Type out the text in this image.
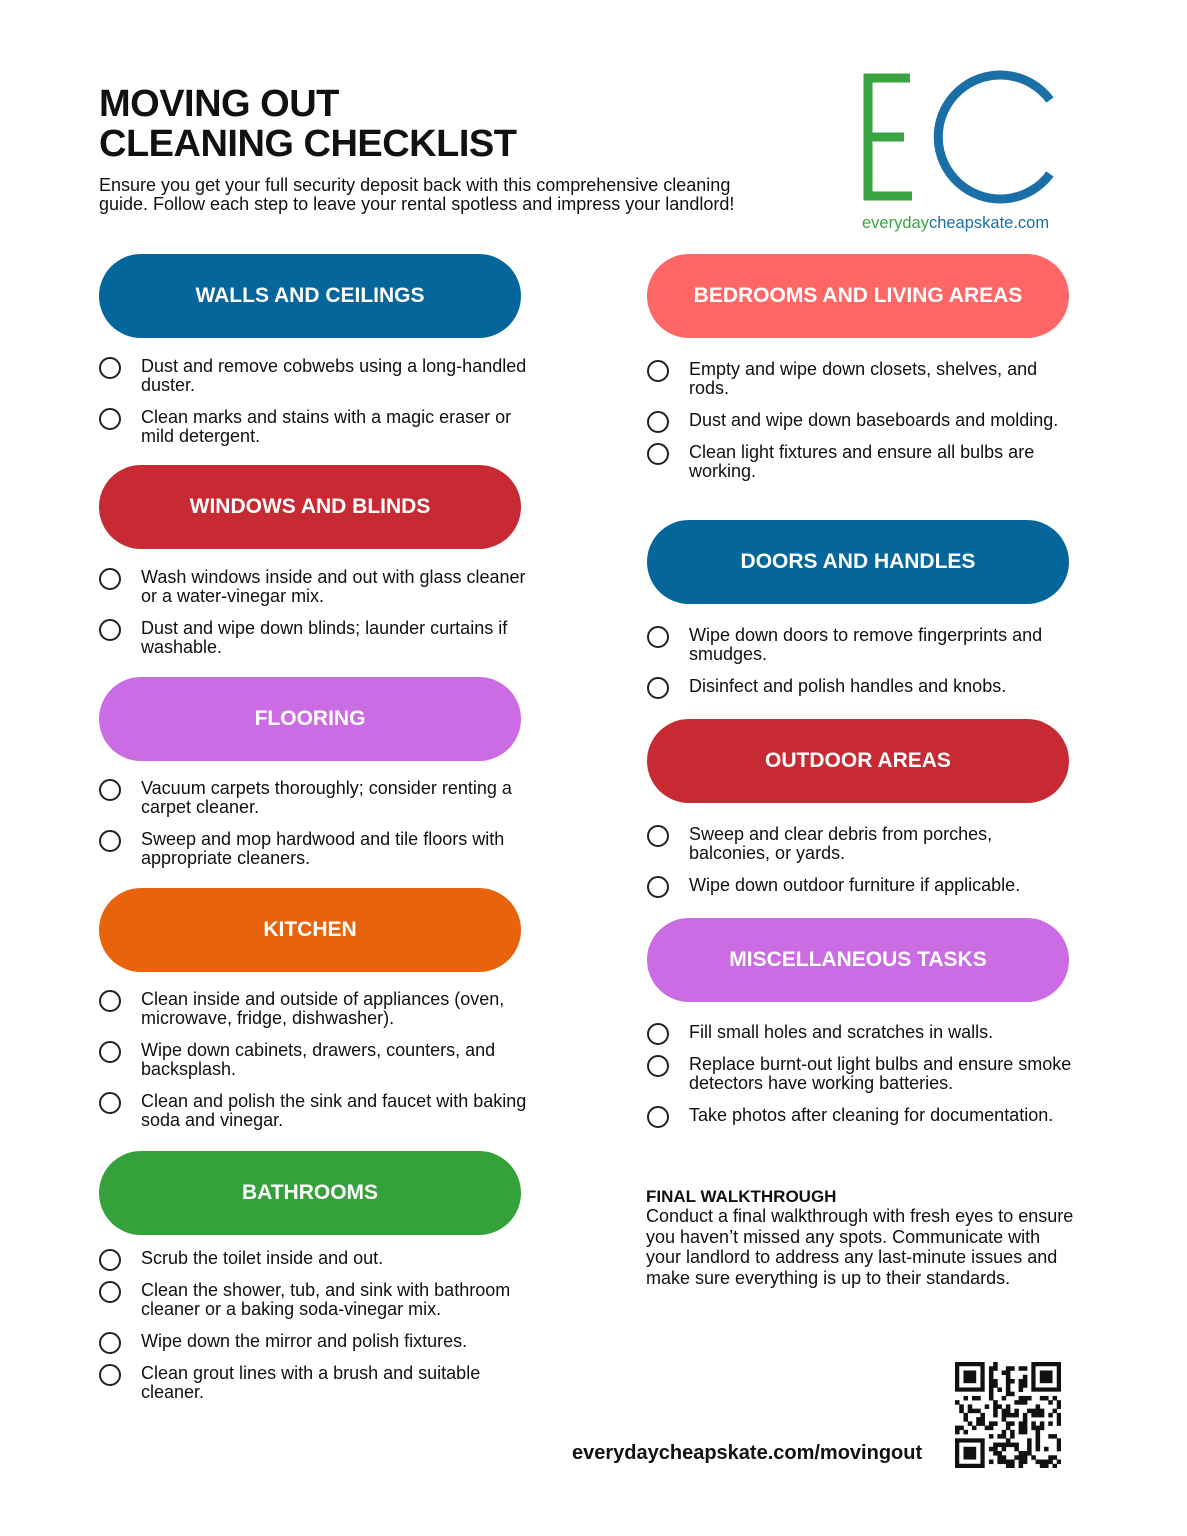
MOVING OUT
CLEANING CHECKLIST

Ensure you get your full security deposit back with this comprehensive cleaning guide. Follow each step to leave your rental spotless and impress your landlord!

everydaycheapskate.com
WALLS AND CEILINGS
Dust and remove cobwebs using a long-handled duster.
Clean marks and stains with a magic eraser or mild detergent.
WINDOWS AND BLINDS
Wash windows inside and out with glass cleaner or a water-vinegar mix.
Dust and wipe down blinds; launder curtains if washable.
FLOORING
Vacuum carpets thoroughly; consider renting a carpet cleaner.
Sweep and mop hardwood and tile floors with appropriate cleaners.
KITCHEN
Clean inside and outside of appliances (oven, microwave, fridge, dishwasher).
Wipe down cabinets, drawers, counters, and backsplash.
Clean and polish the sink and faucet with baking soda and vinegar.
BATHROOMS
Scrub the toilet inside and out.
Clean the shower, tub, and sink with bathroom cleaner or a baking soda-vinegar mix.
Wipe down the mirror and polish fixtures.
Clean grout lines with a brush and suitable cleaner.
BEDROOMS AND LIVING AREAS
Empty and wipe down closets, shelves, and rods.
Dust and wipe down baseboards and molding.
Clean light fixtures and ensure all bulbs are working.
DOORS AND HANDLES
Wipe down doors to remove fingerprints and smudges.
Disinfect and polish handles and knobs.
OUTDOOR AREAS
Sweep and clear debris from porches, balconies, or yards.
Wipe down outdoor furniture if applicable.
MISCELLANEOUS TASKS
Fill small holes and scratches in walls.
Replace burnt-out light bulbs and ensure smoke detectors have working batteries.
Take photos after cleaning for documentation.
FINAL WALKTHROUGH

Conduct a final walkthrough with fresh eyes to ensure you haven’t missed any spots. Communicate with your landlord to address any last-minute issues and make sure everything is up to their standards.

everydaycheapskate.com/movingout
